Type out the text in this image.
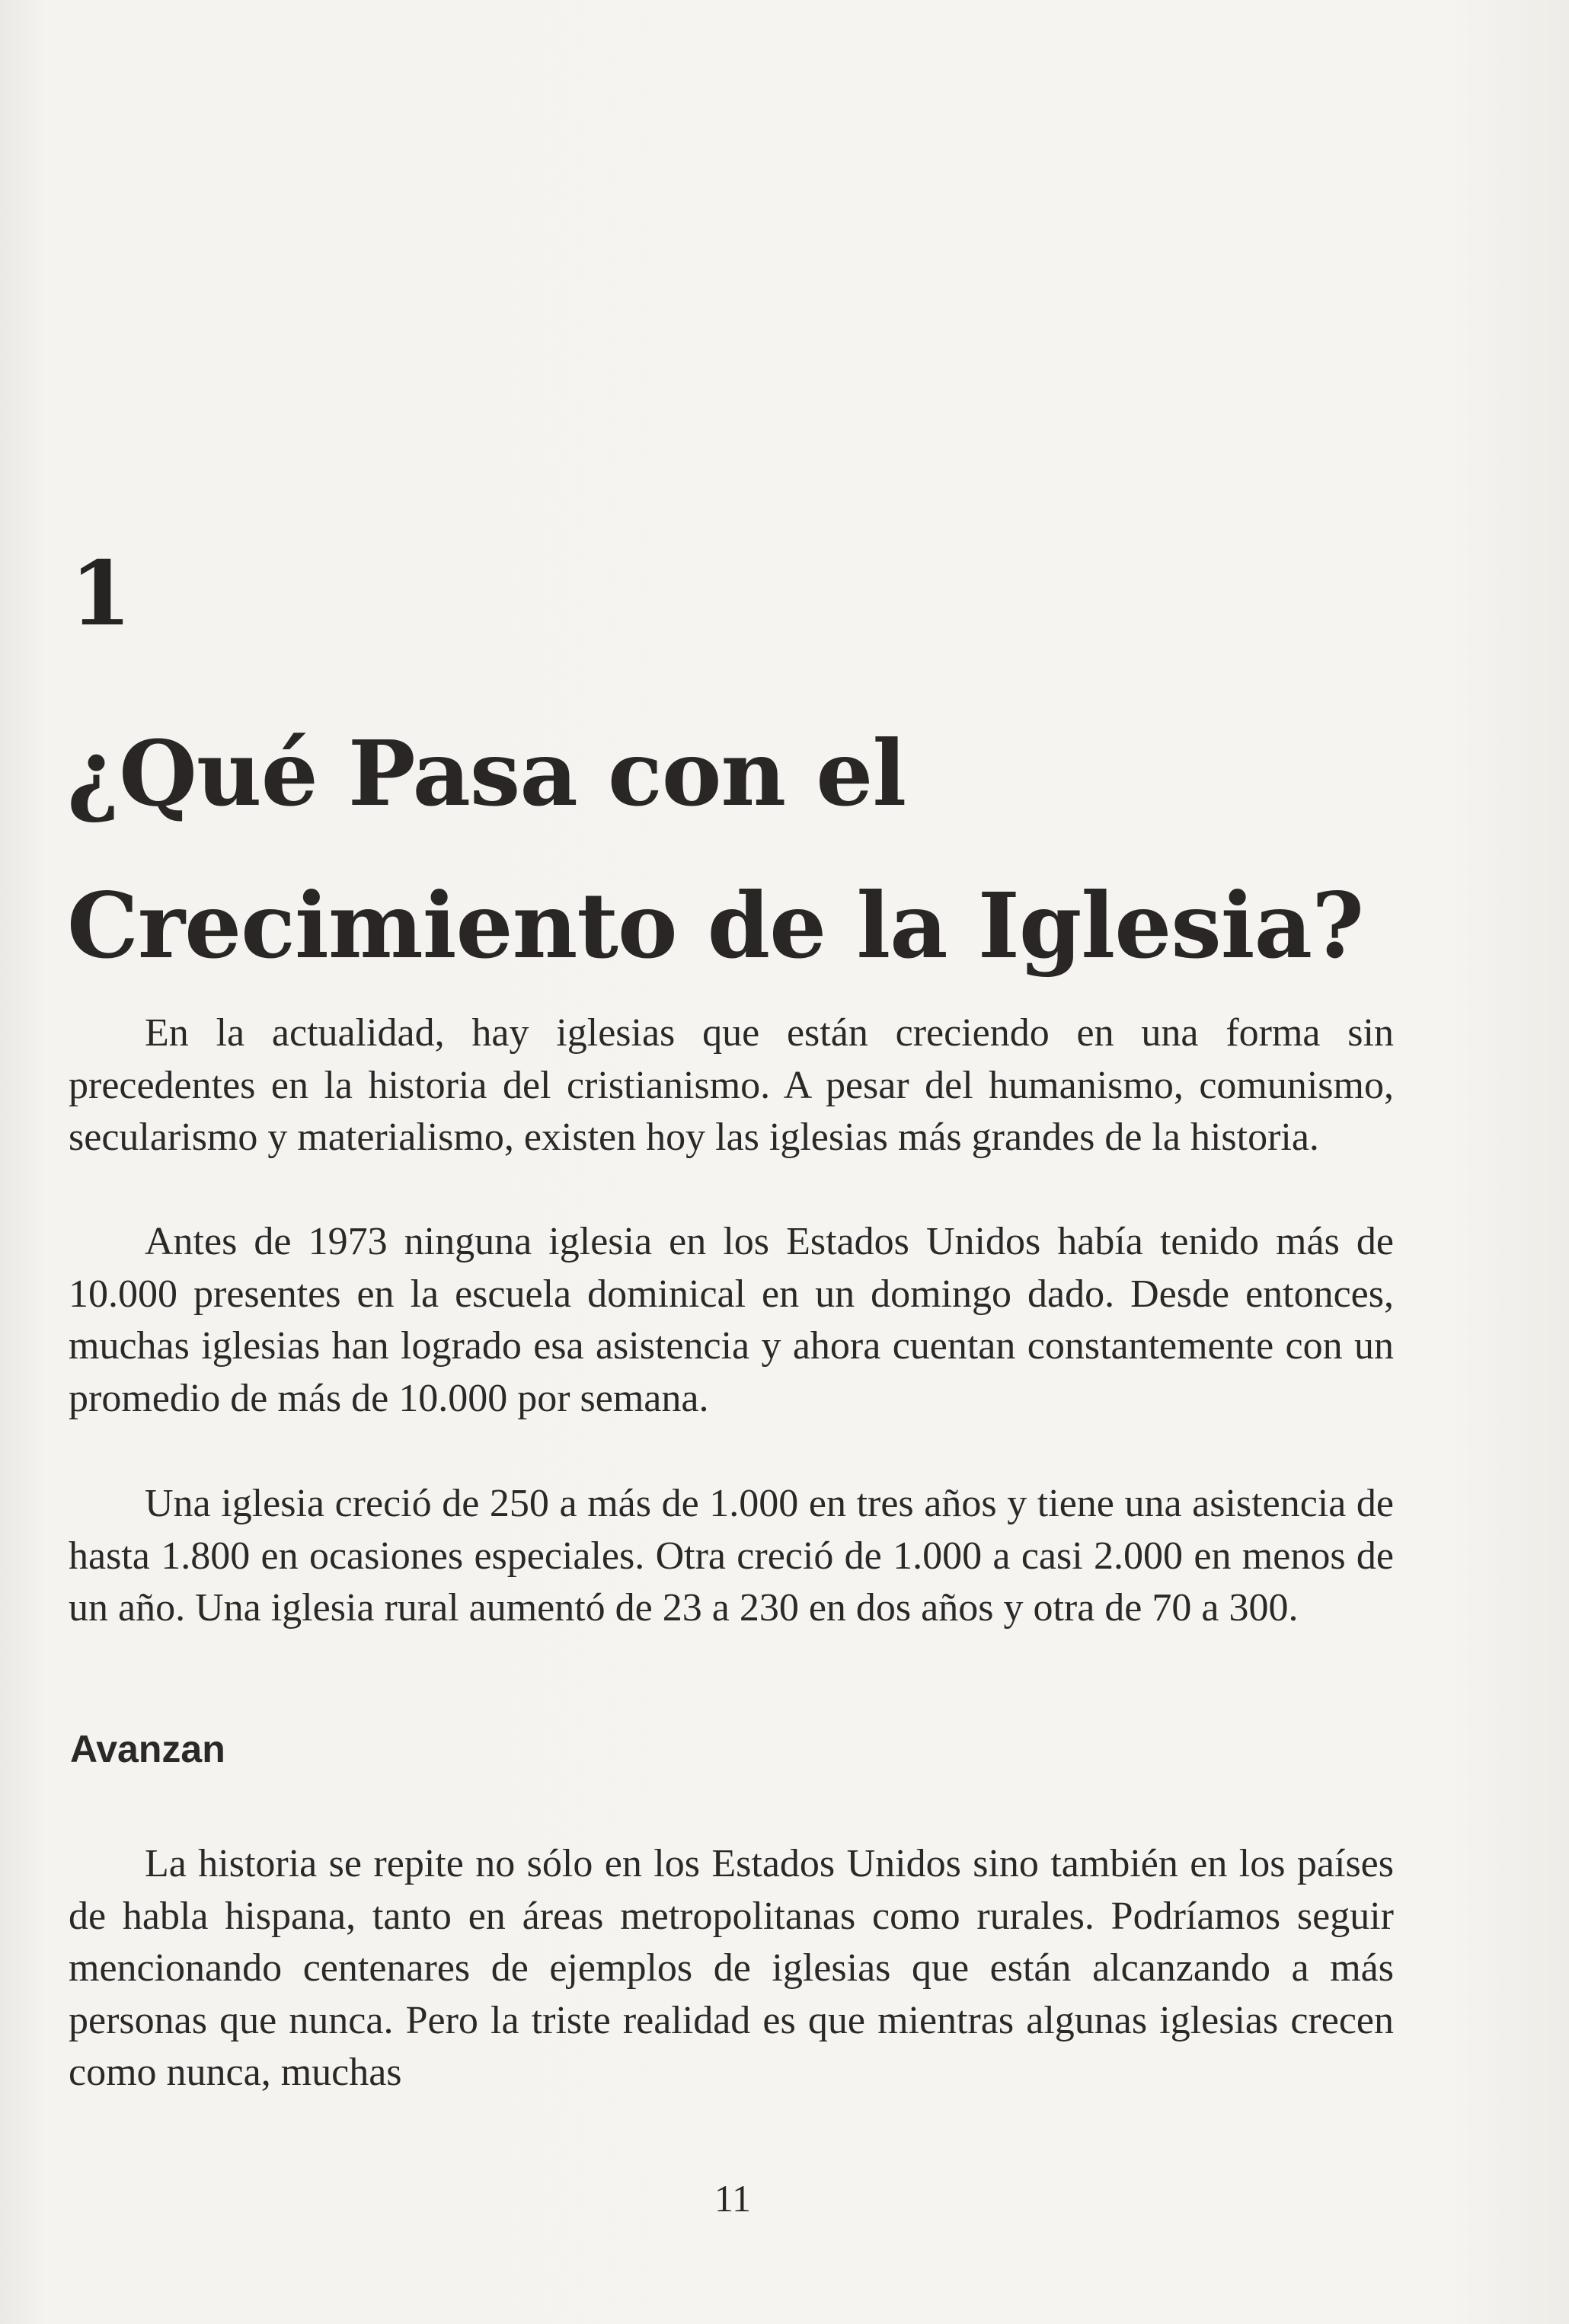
1
¿Qué Pasa con el
Crecimiento de la Iglesia?

En la actualidad, hay iglesias que están creciendo en una forma sin precedentes en la historia del cristianismo. A pesar del humanismo, comunismo, secularismo y materialismo, existen hoy las iglesias más grandes de la historia.

Antes de 1973 ninguna iglesia en los Estados Unidos había tenido más de 10.000 presentes en la escuela dominical en un domingo dado. Desde entonces, muchas iglesias han logrado esa asistencia y ahora cuentan constantemente con un promedio de más de 10.000 por semana.

Una iglesia creció de 250 a más de 1.000 en tres años y tiene una asistencia de hasta 1.800 en ocasiones especiales. Otra creció de 1.000 a casi 2.000 en menos de un año. Una iglesia rural aumentó de 23 a 230 en dos años y otra de 70 a 300.

Avanzan

La historia se repite no sólo en los Estados Unidos sino también en los países de habla hispana, tanto en áreas metropolitanas como rurales. Podríamos seguir mencionando centenares de ejemplos de iglesias que están alcanzando a más personas que nunca. Pero la triste realidad es que mientras algunas iglesias crecen como nunca, muchas

11
